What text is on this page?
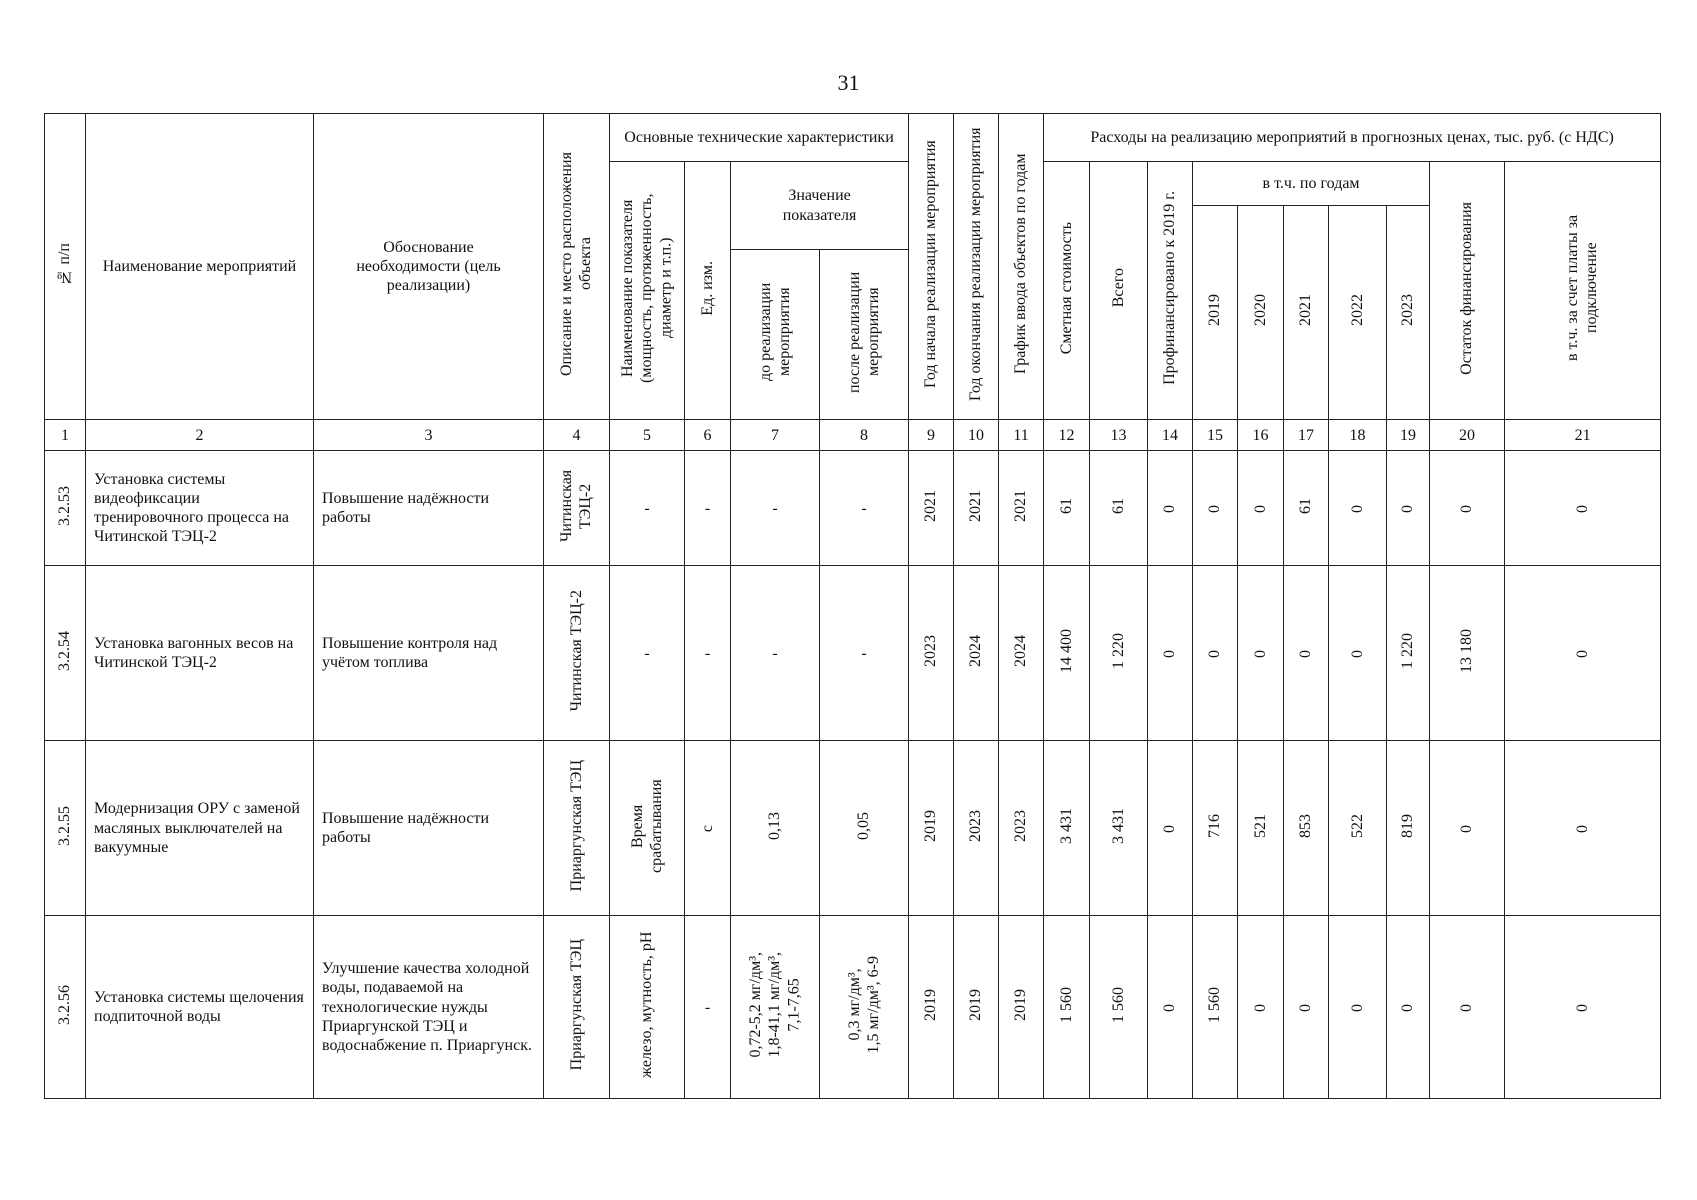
31
№ п/п	Наименование мероприятий	Обоснование необходимости (цель реализации)	Описание и место расположения объекта	Основные технические характеристики				Год начала реализации мероприятия	Год окончания реализации мероприятия	График ввода объектов по годам	Расходы на реализацию мероприятий в прогнозных ценах, тыс. руб. (с НДС)									
				Наименование показателя (мощность, протяженность, диаметр и т.п.)	Ед. изм.	Значение показателя					Сметная стоимость	Всего	Профинансировано к 2019 г.	в т.ч. по годам					Остаток финансирования	в т.ч. за счет платы за подключение
														2019	2020	2021	2022	2023		
						до реализации мероприятия	после реализации мероприятия													
1	2	3	4	5	6	7	8	9	10	11	12	13	14	15	16	17	18	19	20	21
3.2.53	Установка системы видеофиксации тренировочного процесса на Читинской ТЭЦ-2	Повышение надёжности работы	Читинская ТЭЦ-2	-	-	-	-	2021	2021	2021	61	61	0	0	0	61	0	0	0	0
3.2.54	Установка вагонных весов на Читинской ТЭЦ-2	Повышение контроля над учётом топлива	Читинская ТЭЦ-2	-	-	-	-	2023	2024	2024	14 400	1 220	0	0	0	0	0	1 220	13 180	0
3.2.55	Модернизация ОРУ с заменой масляных выключателей на вакуумные	Повышение надёжности работы	Приаргунская ТЭЦ	Время срабатывания	с	0,13	0,05	2019	2023	2023	3 431	3 431	0	716	521	853	522	819	0	0
3.2.56	Установка системы щелочения подпиточной воды	Улучшение качества холодной воды, подаваемой на технологические нужды Приаргунской ТЭЦ и водоснабжение п. Приаргунск.	Приаргунская ТЭЦ	железо, мутность, pH	-	0,72-5,2 мг/дм³, 1,8-41,1 мг/дм³, 7,1-7,65	0,3 мг/дм³, 1,5 мг/дм³, 6-9	2019	2019	2019	1 560	1 560	0	1 560	0	0	0	0	0	0
